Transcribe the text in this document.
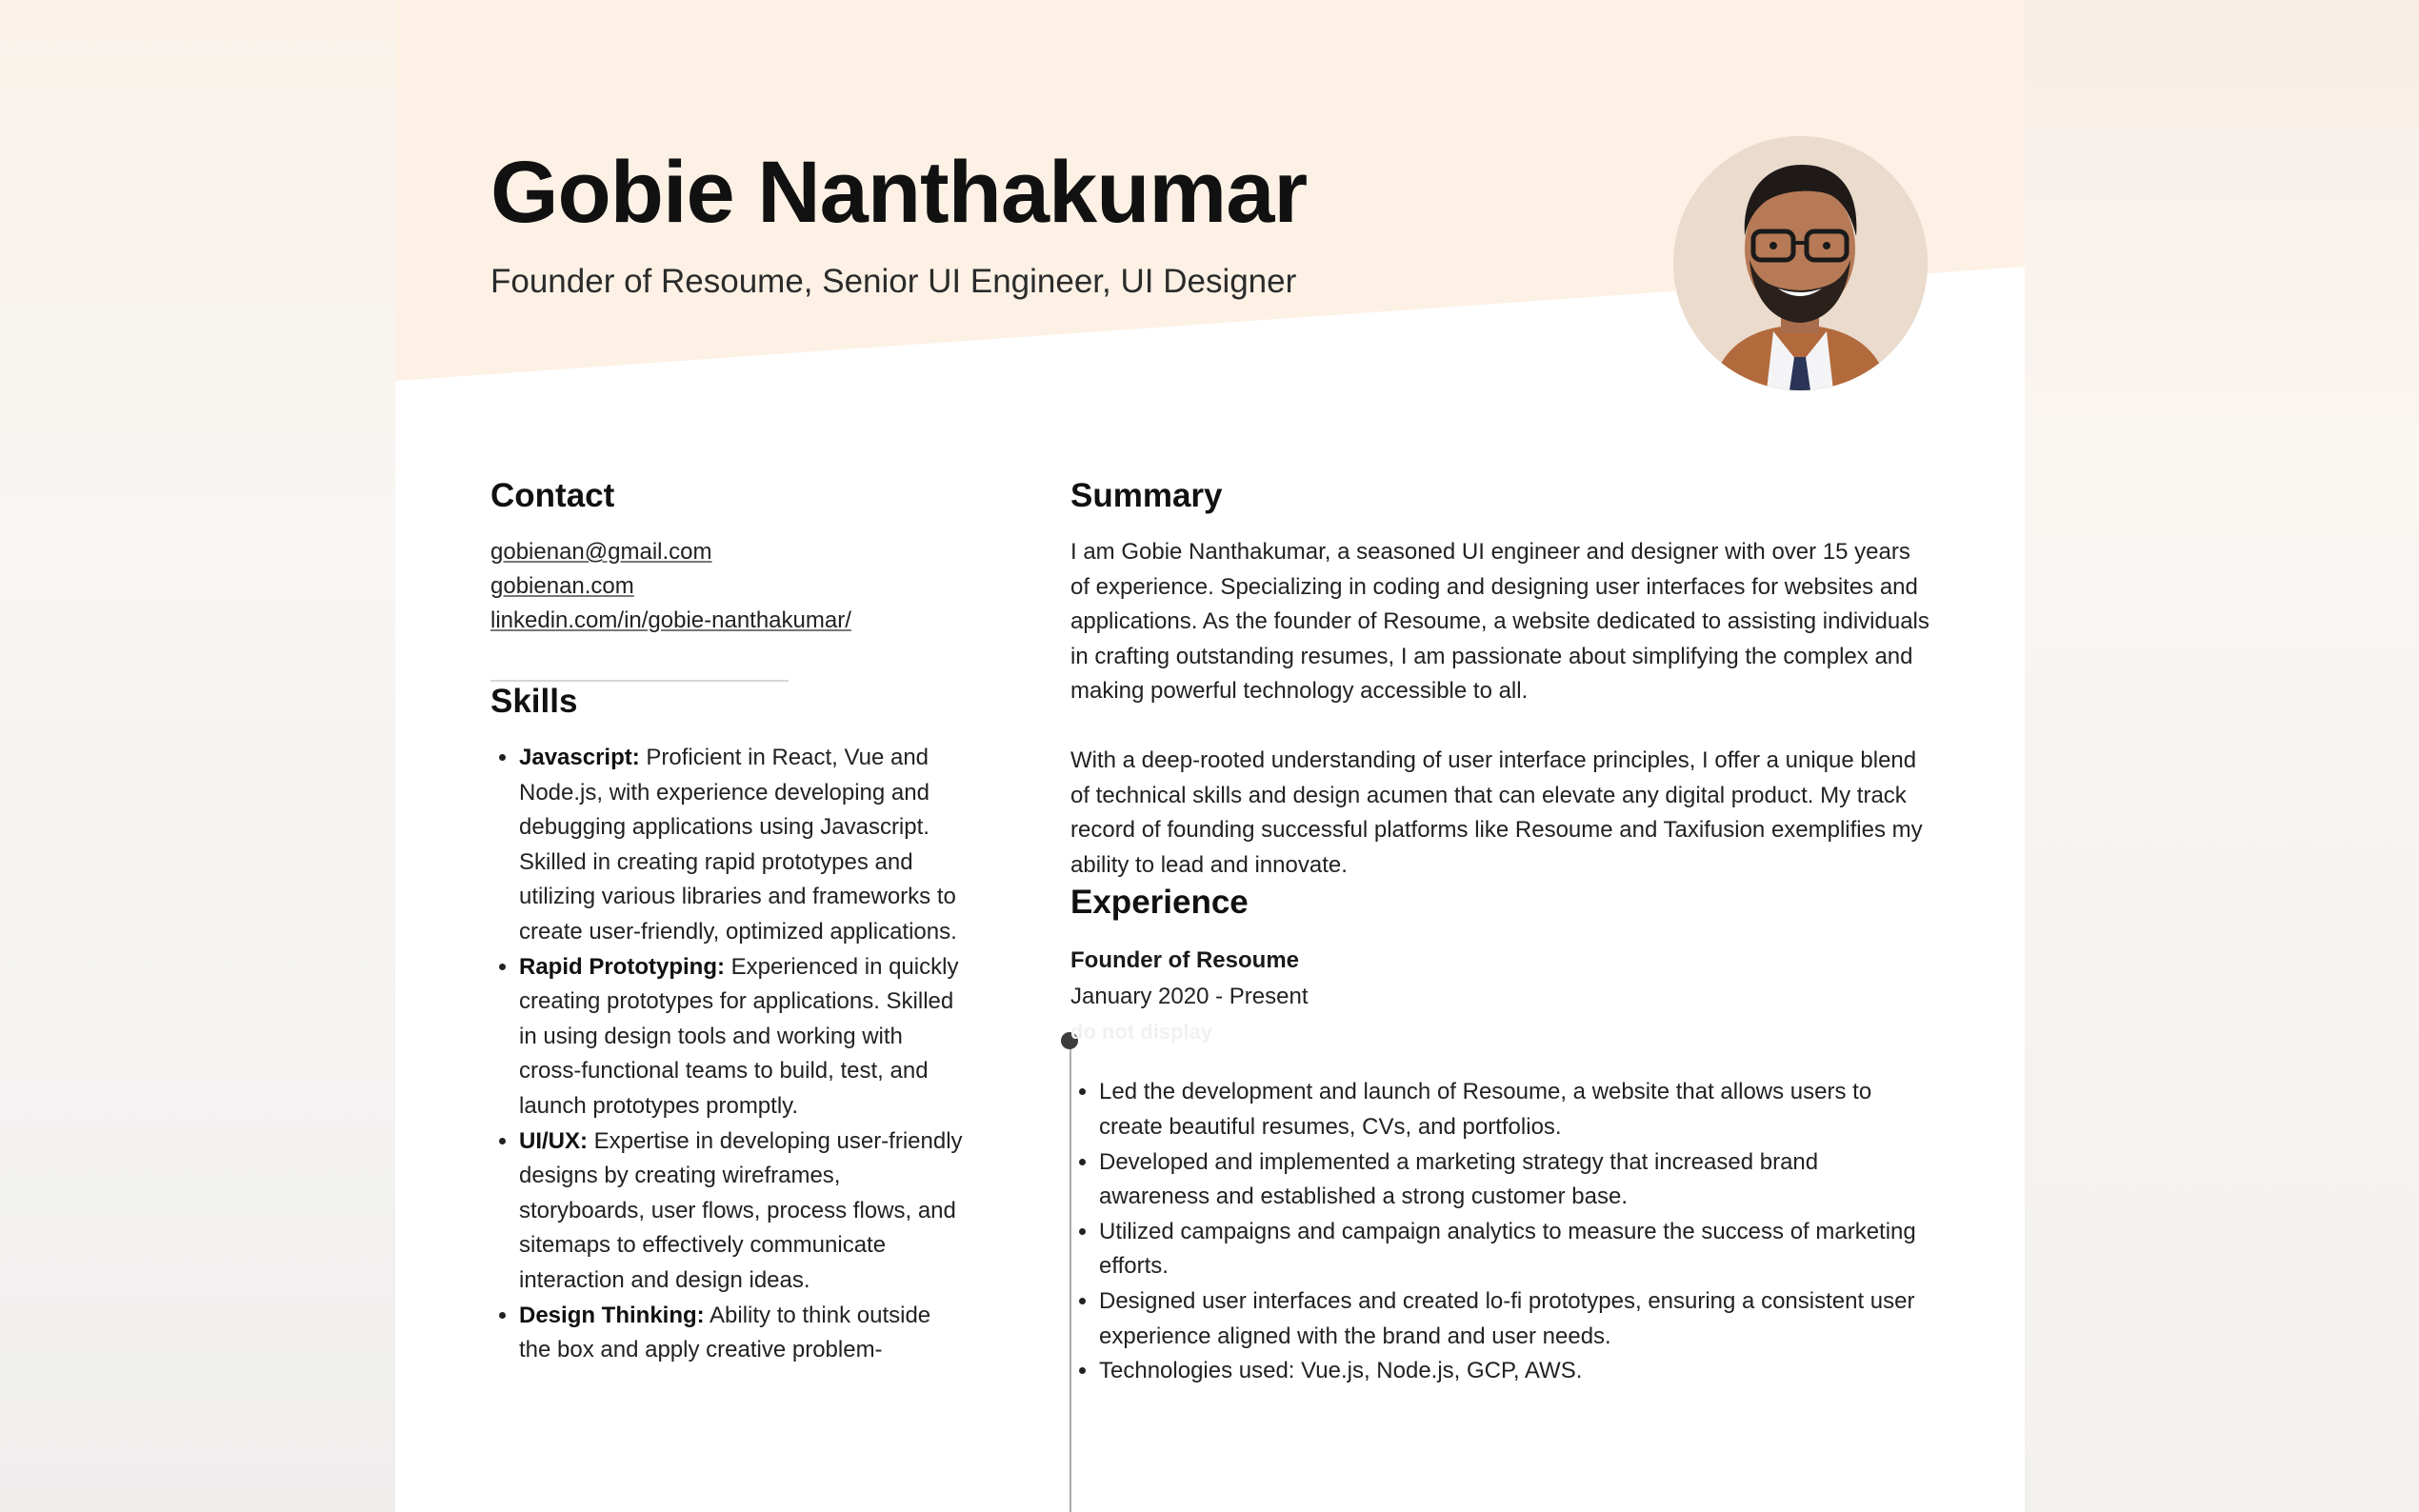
Gobie Nanthakumar

Founder of Resoume, Senior UI Engineer, UI Designer

Contact
gobienan@gmail.com
gobienan.com
linkedin.com/in/gobie-nanthakumar/
Skills
• Javascript: Proficient in React, Vue and Node.js, with experience developing and debugging applications using Javascript. Skilled in creating rapid prototypes and utilizing various libraries and frameworks to create user-friendly, optimized applications.
• Rapid Prototyping: Experienced in quickly creating prototypes for applications. Skilled in using design tools and working with cross-functional teams to build, test, and launch prototypes promptly.
• UI/UX: Expertise in developing user-friendly designs by creating wireframes, storyboards, user flows, process flows, and sitemaps to effectively communicate interaction and design ideas.
• Design Thinking: Ability to think outside the box and apply creative problem-
Summary

I am Gobie Nanthakumar, a seasoned UI engineer and designer with over 15 years of experience. Specializing in coding and designing user interfaces for websites and applications. As the founder of Resoume, a website dedicated to assisting individuals in crafting outstanding resumes, I am passionate about simplifying the complex and making powerful technology accessible to all.

With a deep-rooted understanding of user interface principles, I offer a unique blend of technical skills and design acumen that can elevate any digital product. My track record of founding successful platforms like Resoume and Taxifusion exemplifies my ability to lead and innovate.

Experience

Founder of Resoume

January 2020 - Present

do not display

• Led the development and launch of Resoume, a website that allows users to create beautiful resumes, CVs, and portfolios.
• Developed and implemented a marketing strategy that increased brand awareness and established a strong customer base.
• Utilized campaigns and campaign analytics to measure the success of marketing efforts.
• Designed user interfaces and created lo-fi prototypes, ensuring a consistent user experience aligned with the brand and user needs.
• Technologies used: Vue.js, Node.js, GCP, AWS.
